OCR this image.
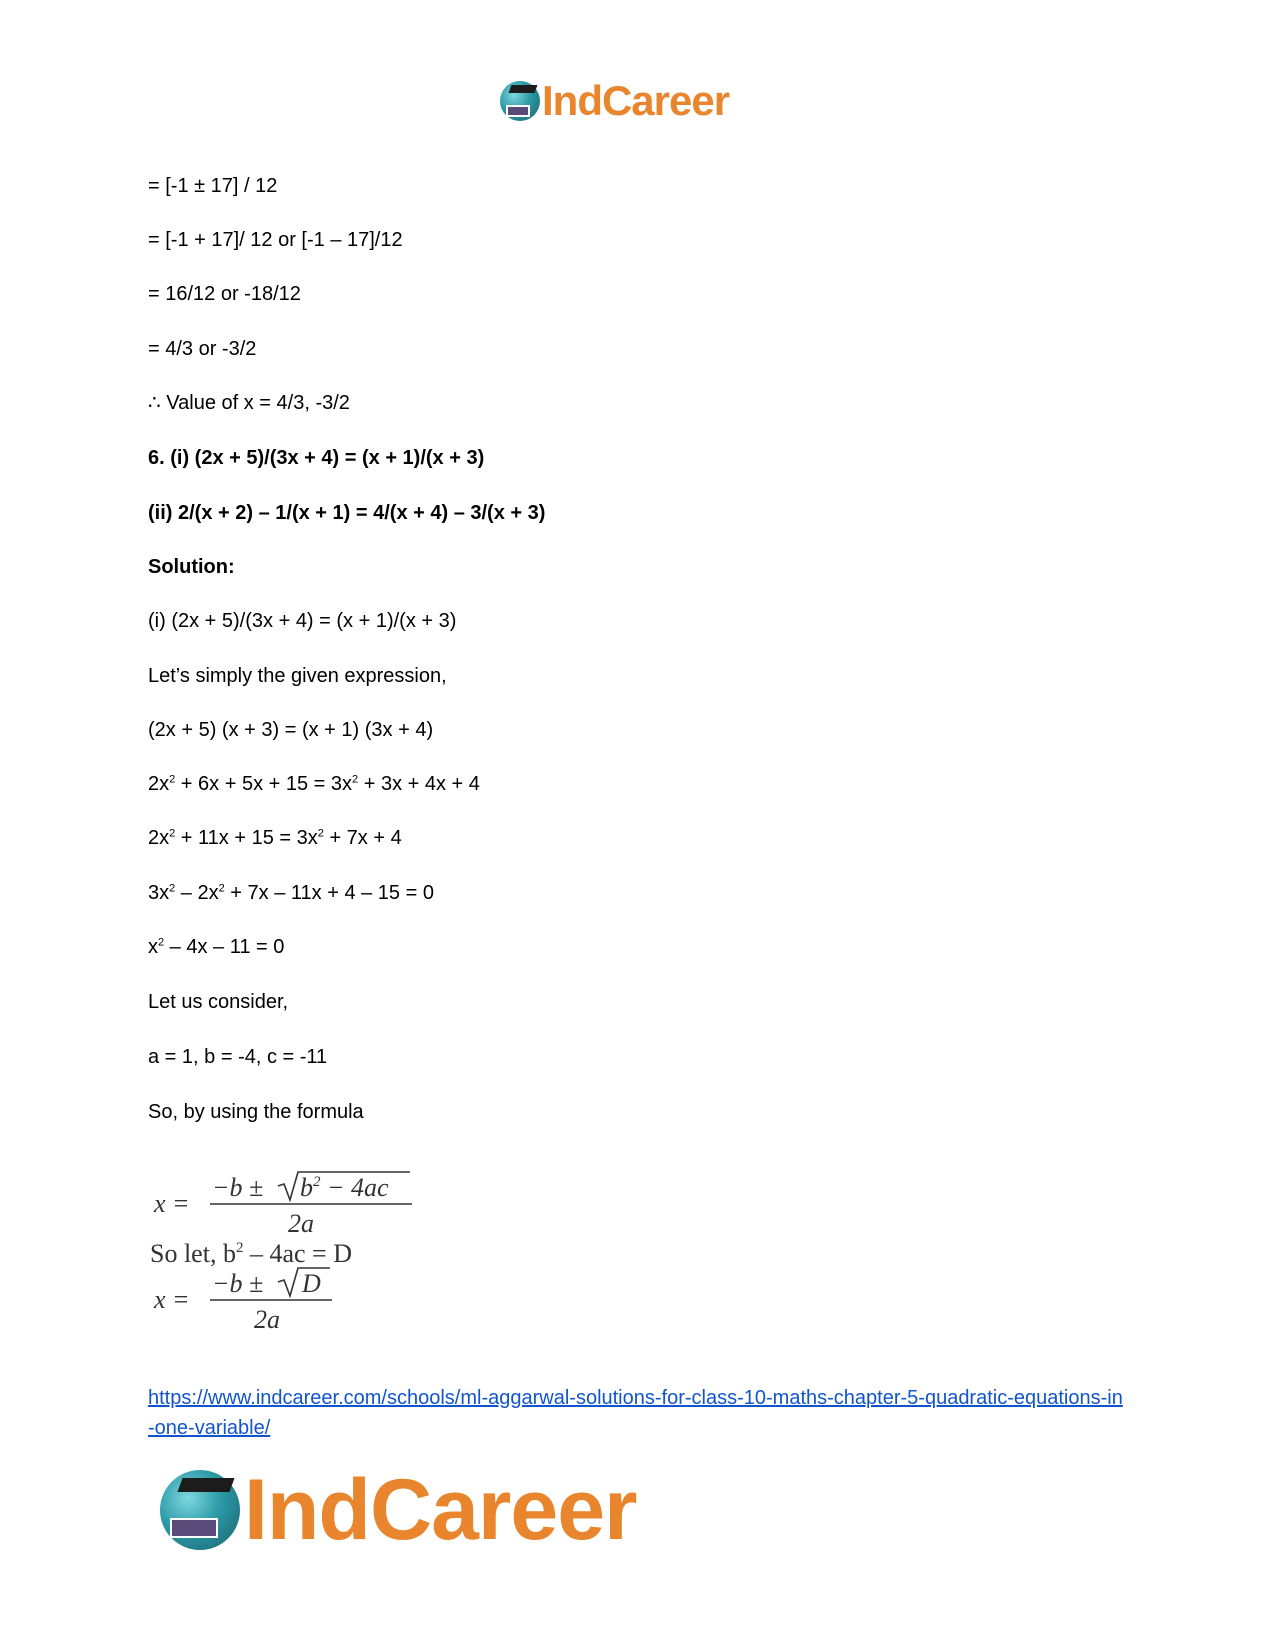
IndCareer
= [-1 ± 17] / 12
= [-1 + 17]/ 12 or [-1 – 17]/12
= 16/12 or -18/12
= 4/3 or -3/2
∴ Value of x = 4/3, -3/2
6. (i) (2x + 5)/(3x + 4) = (x + 1)/(x + 3)
(ii) 2/(x + 2) – 1/(x + 1) = 4/(x + 4) – 3/(x + 3)
Solution:
(i) (2x + 5)/(3x + 4) = (x + 1)/(x + 3)
Let’s simply the given expression,
(2x + 5) (x + 3) = (x + 1) (3x + 4)
$2x^2 + 6x + 5x + 15 = 3x^2 + 3x + 4x + 4$
$2x^2 + 11x + 15 = 3x^2 + 7x + 4$
$3x^2 - 2x^2 + 7x - 11x + 4 - 15 = 0$
$x^2 - 4x - 11 = 0$
Let us consider,
a = 1, b = -4, c = -11
So, by using the formula
x =
$-b \pm b^2 - 4ac$
2a
So let, $b^2 - 4ac = D$
x =
−b ± D
2a
https://www.indcareer.com/schools/ml-aggarwal-solutions-for-class-10-maths-chapter-5-quadratic-equations-in-one-variable/
IndCareer
